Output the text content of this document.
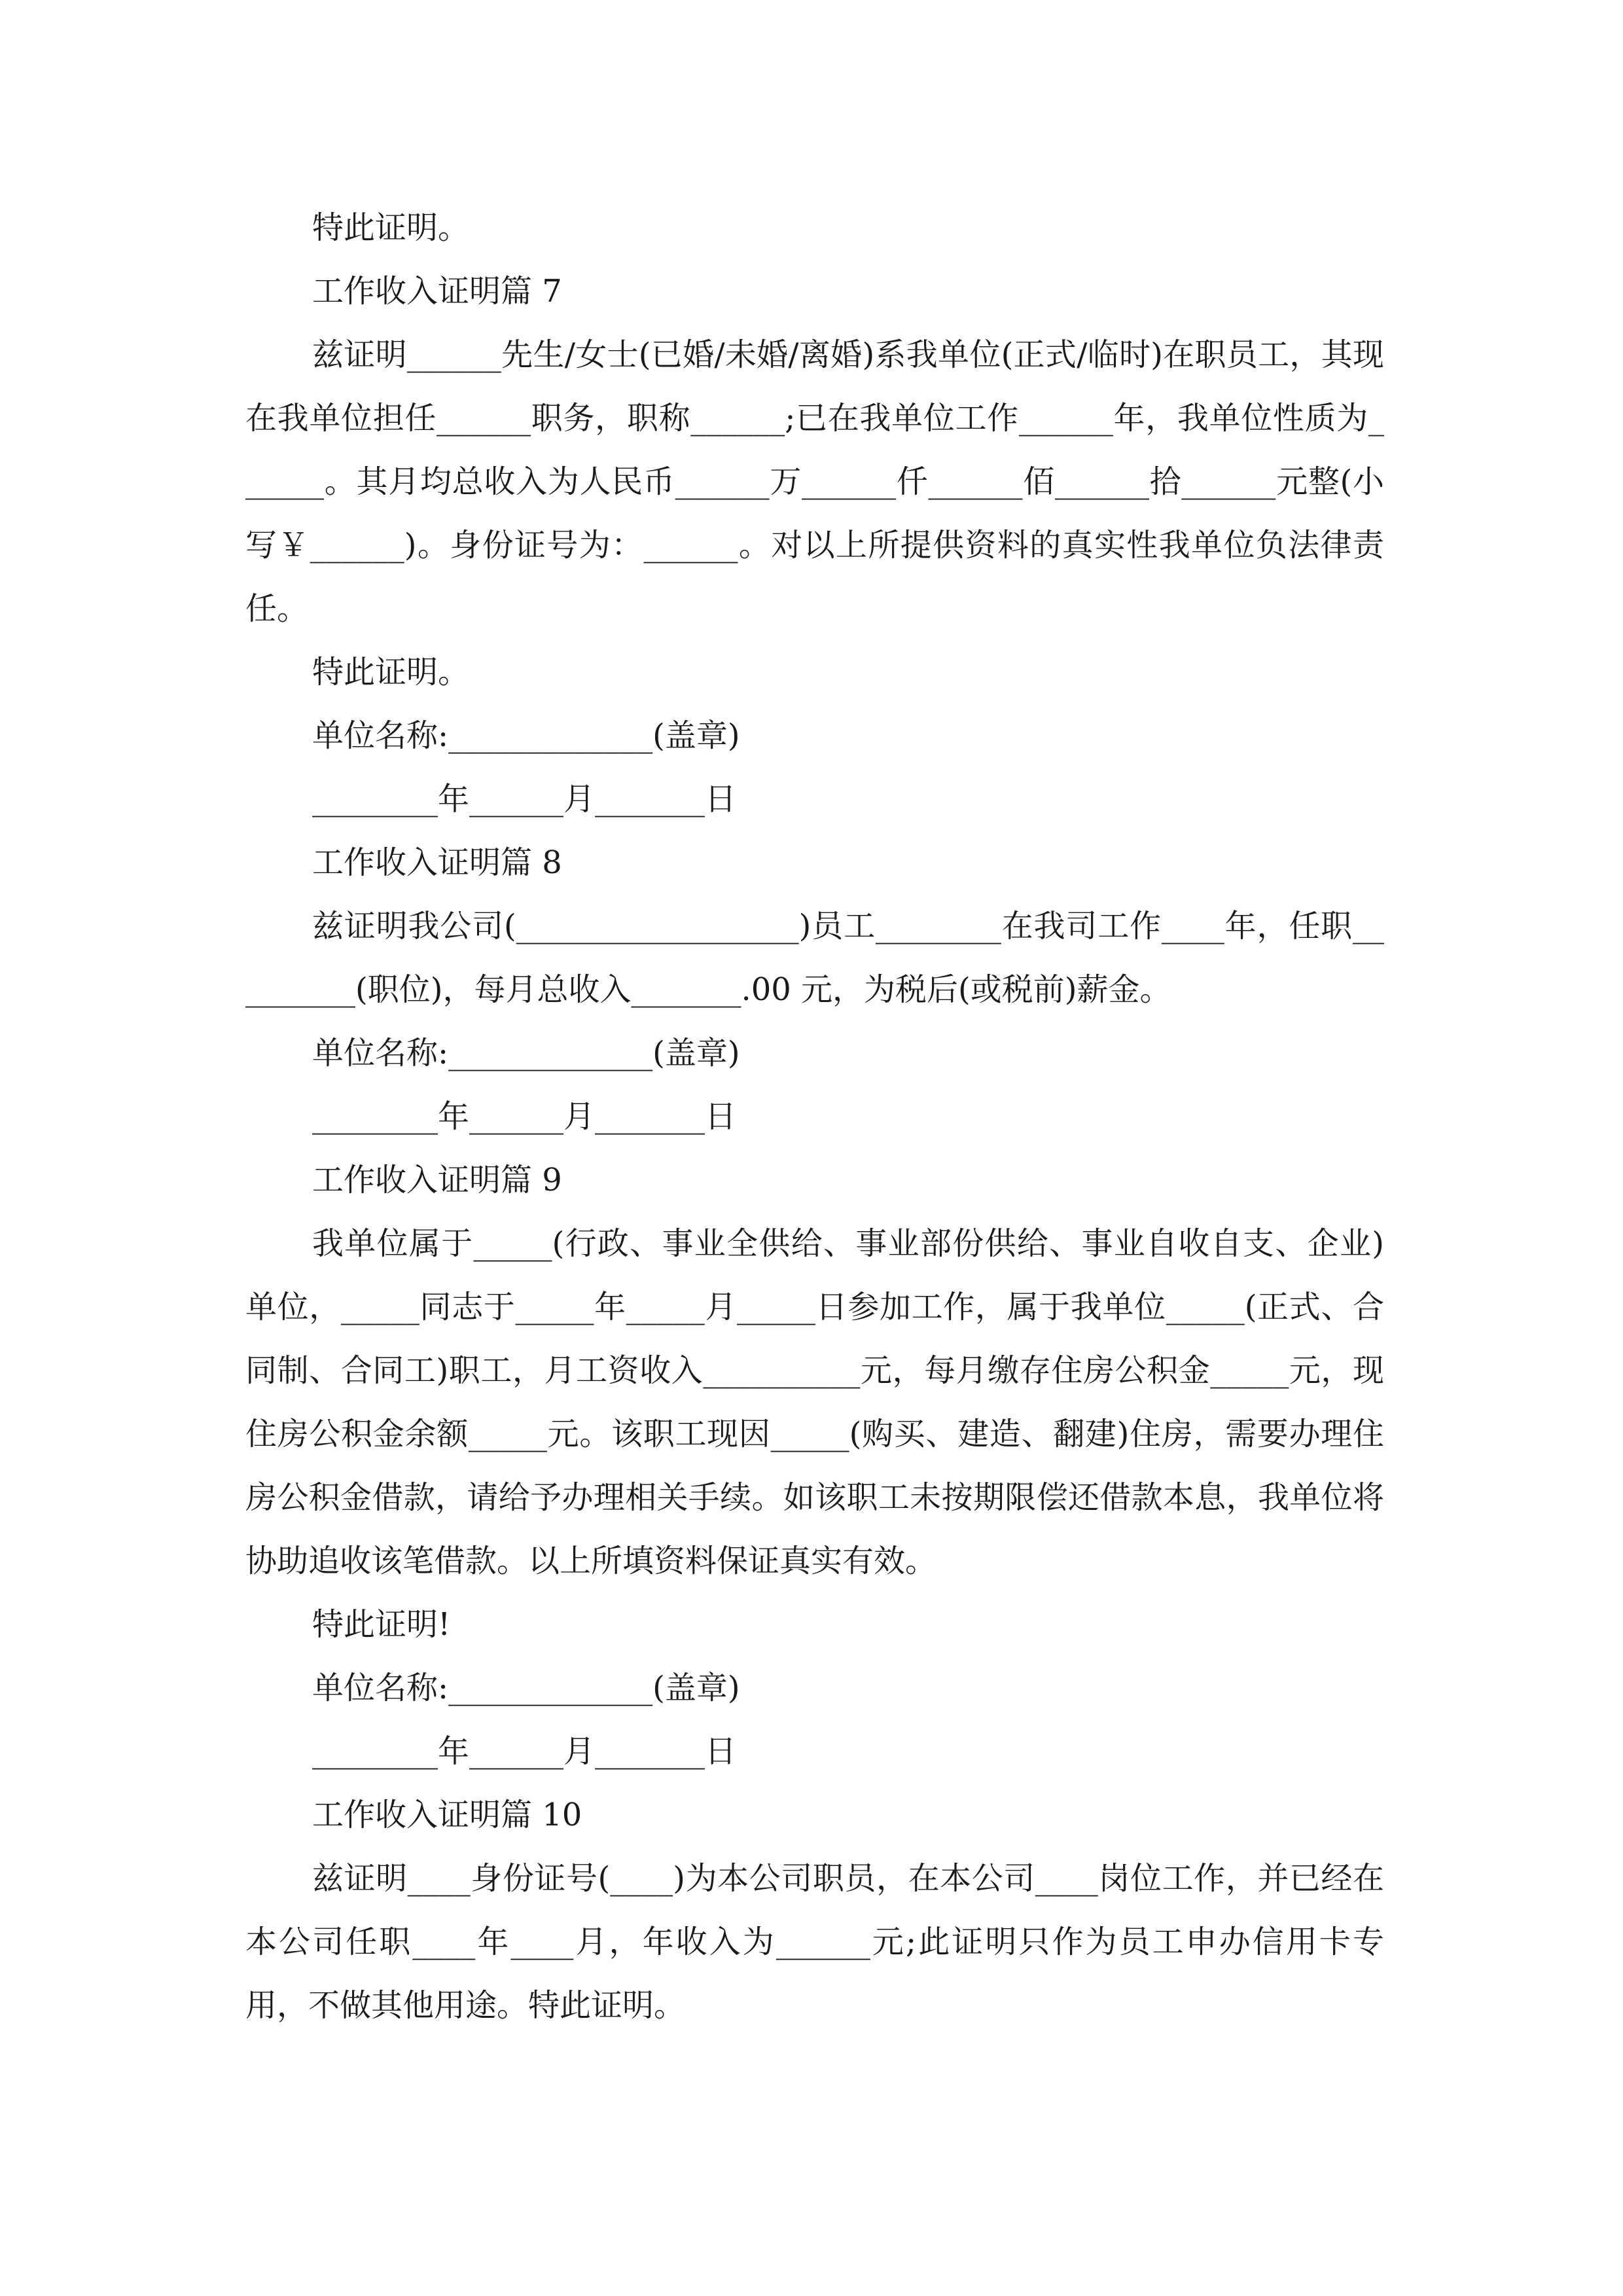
特此证明。

工作收入证明篇 7

兹证明______先生/女士(已婚/未婚/离婚)系我单位(正式/临时)在职员工，其现在我单位担任______职务，职称______;已在我单位工作______年，我单位性质为______。其月均总收入为人民币______万______仟______佰______拾______元整(小写￥______)。身份证号为：______。对以上所提供资料的真实性我单位负法律责任。

特此证明。

单位名称:_____________(盖章)

________年______月_______日

工作收入证明篇 8

兹证明我公司(__________________)员工________在我司工作____年，任职_________(职位)，每月总收入_______.00 元，为税后(或税前)薪金。

单位名称:_____________(盖章)

________年______月_______日

工作收入证明篇 9

我单位属于_____(行政、事业全供给、事业部份供给、事业自收自支、企业)单位，_____同志于_____年_____月_____日参加工作，属于我单位_____(正式、合同制、合同工)职工，月工资收入__________元，每月缴存住房公积金_____元，现住房公积金余额_____元。该职工现因_____(购买、建造、翻建)住房，需要办理住房公积金借款，请给予办理相关手续。如该职工未按期限偿还借款本息，我单位将协助追收该笔借款。以上所填资料保证真实有效。

特此证明!

单位名称:_____________(盖章)

________年______月_______日

工作收入证明篇 10

兹证明____身份证号(____)为本公司职员，在本公司____岗位工作，并已经在本公司任职____年____月，年收入为______元;此证明只作为员工申办信用卡专用，不做其他用途。特此证明。
